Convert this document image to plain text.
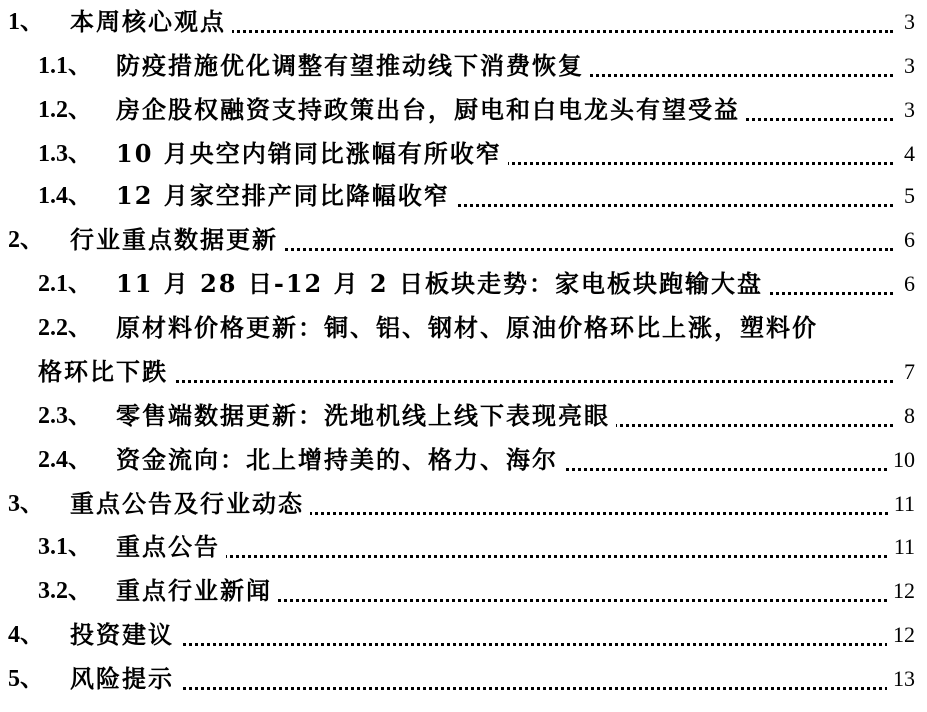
1、 本周核心观点	3
1.1、 防疫措施优化调整有望推动线下消费恢复	3
1.2、 房企股权融资支持政策出台，厨电和白电龙头有望受益	3
1.3、 10 月央空内销同比涨幅有所收窄	4
1.4、 12 月家空排产同比降幅收窄	5
2、 行业重点数据更新	6
2.1、 11 月 28 日-12 月 2 日板块走势：家电板块跑输大盘	6
2.2、 原材料价格更新：铜、铝、钢材、原油价格环比上涨，塑料价
格环比下跌	7
2.3、 零售端数据更新：洗地机线上线下表现亮眼	8
2.4、 资金流向：北上增持美的、格力、海尔	10
3、 重点公告及行业动态	11
3.1、 重点公告	11
3.2、 重点行业新闻	12
4、 投资建议	12
5、 风险提示	13
